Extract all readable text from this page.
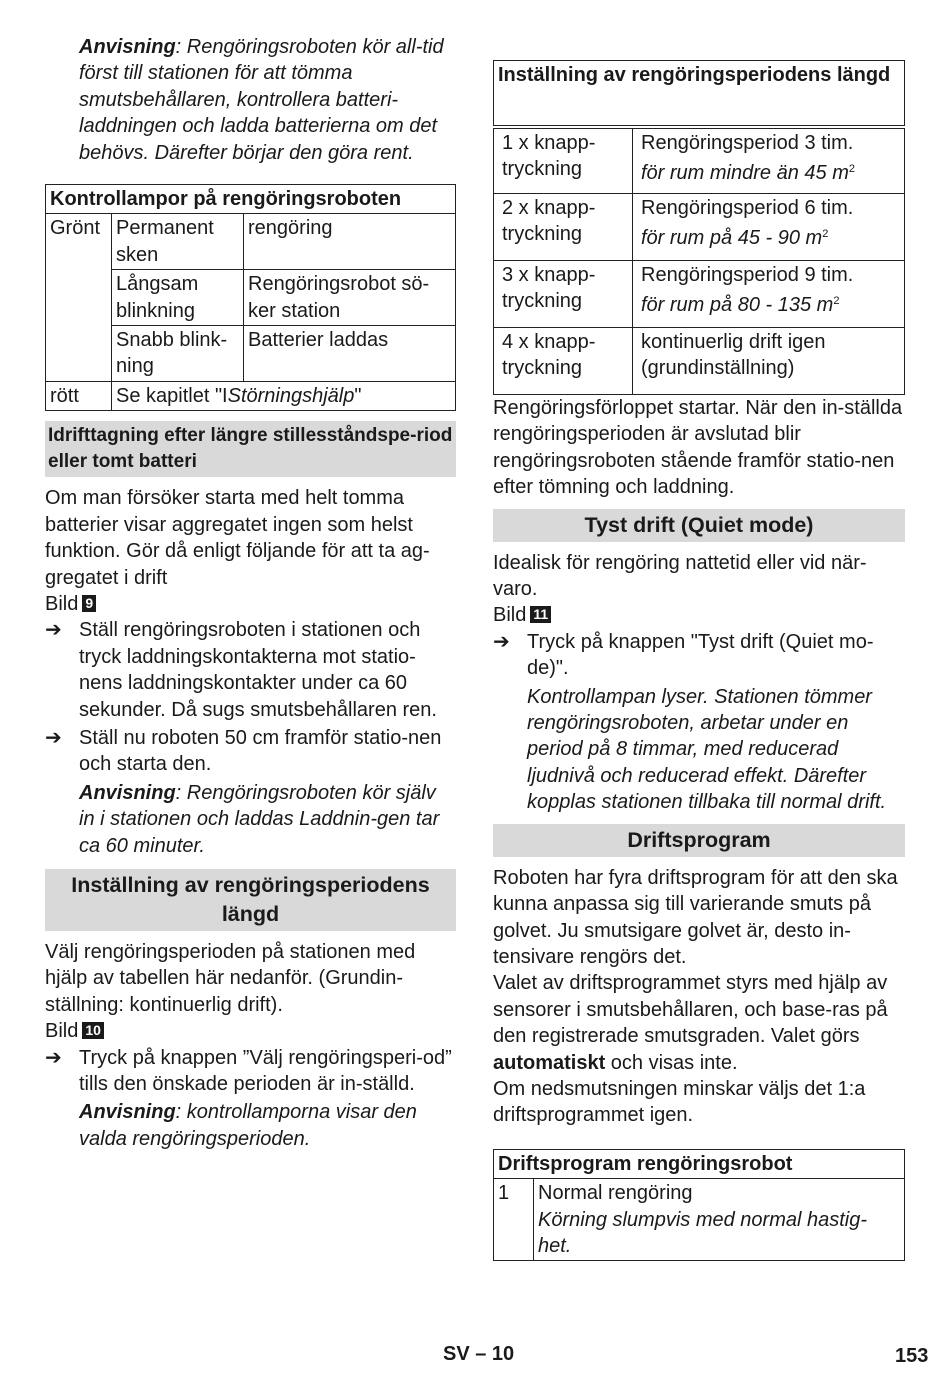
Anvisning: Rengöringsroboten kör all-tid först till stationen för att tömma smutsbehållaren, kontrollera batteri-laddningen och ladda batterierna om det behövs. Därefter börjar den göra rent.

Kontrollampor på rengöringsroboten		
Grönt	Permanent sken	rengöring
	Långsam blinkning	Rengöringsrobot sö-ker station
	Snabb blink-ning	Batterier laddas
rött	Se kapitlet "IStörningshjälp"	
Idrifttagning efter längre stillesståndspe-riod eller tomt batteri

Om man försöker starta med helt tomma batterier visar aggregatet ingen som helst funktion. Gör då enligt följande för att ta ag-gregatet i drift

Bild 9

➔ Ställ rengöringsroboten i stationen och tryck laddningskontakterna mot statio-nens laddningskontakter under ca 60 sekunder. Då sugs smutsbehållaren ren.

➔ Ställ nu roboten 50 cm framför statio-nen och starta den.

Anvisning: Rengöringsroboten kör själv in i stationen och laddas Laddnin-gen tar ca 60 minuter.

Inställning av rengöringsperiodens längd

Välj rengöringsperioden på stationen med hjälp av tabellen här nedanför. (Grundin-ställning: kontinuerlig drift).

Bild 10

➔ Tryck på knappen ”Välj rengöringsperi-od” tills den önskade perioden är in-ställd.

Anvisning: kontrollamporna visar den valda rengöringsperioden.

Inställning av rengöringsperiodens längd	
1 x knapp-tryckning	Rengöringsperiod 3 tim.
för rum mindre än 45 $m^2$
2 x knapp-tryckning	Rengöringsperiod 6 tim.
för rum på 45 - 90 $m^2$
3 x knapp-tryckning	Rengöringsperiod 9 tim.
för rum på 80 - 135 $m^2$
4 x knapp-tryckning	kontinuerlig drift igen
(grundinställning)

Rengöringsförloppet startar. När den in-ställda rengöringsperioden är avslutad blir rengöringsroboten stående framför statio-nen efter tömning och laddning.

Tyst drift (Quiet mode)

Idealisk för rengöring nattetid eller vid när-varo.

Bild 11

➔ Tryck på knappen "Tyst drift (Quiet mo-de)".

Kontrollampan lyser. Stationen tömmer rengöringsroboten, arbetar under en period på 8 timmar, med reducerad ljudnivå och reducerad effekt. Därefter kopplas stationen tillbaka till normal drift.

Driftsprogram

Roboten har fyra driftsprogram för att den ska kunna anpassa sig till varierande smuts på golvet. Ju smutsigare golvet är, desto in-tensivare rengörs det.

Valet av driftsprogrammet styrs med hjälp av sensorer i smutsbehållaren, och base-ras på den registrerade smutsgraden. Valet görs automatiskt och visas inte.

Om nedsmutsningen minskar väljs det 1:a driftsprogrammet igen.

Driftsprogram rengöringsrobot
1	Normal rengöring
Körning slumpvis med normal hastig-het.
SV – 10	153
